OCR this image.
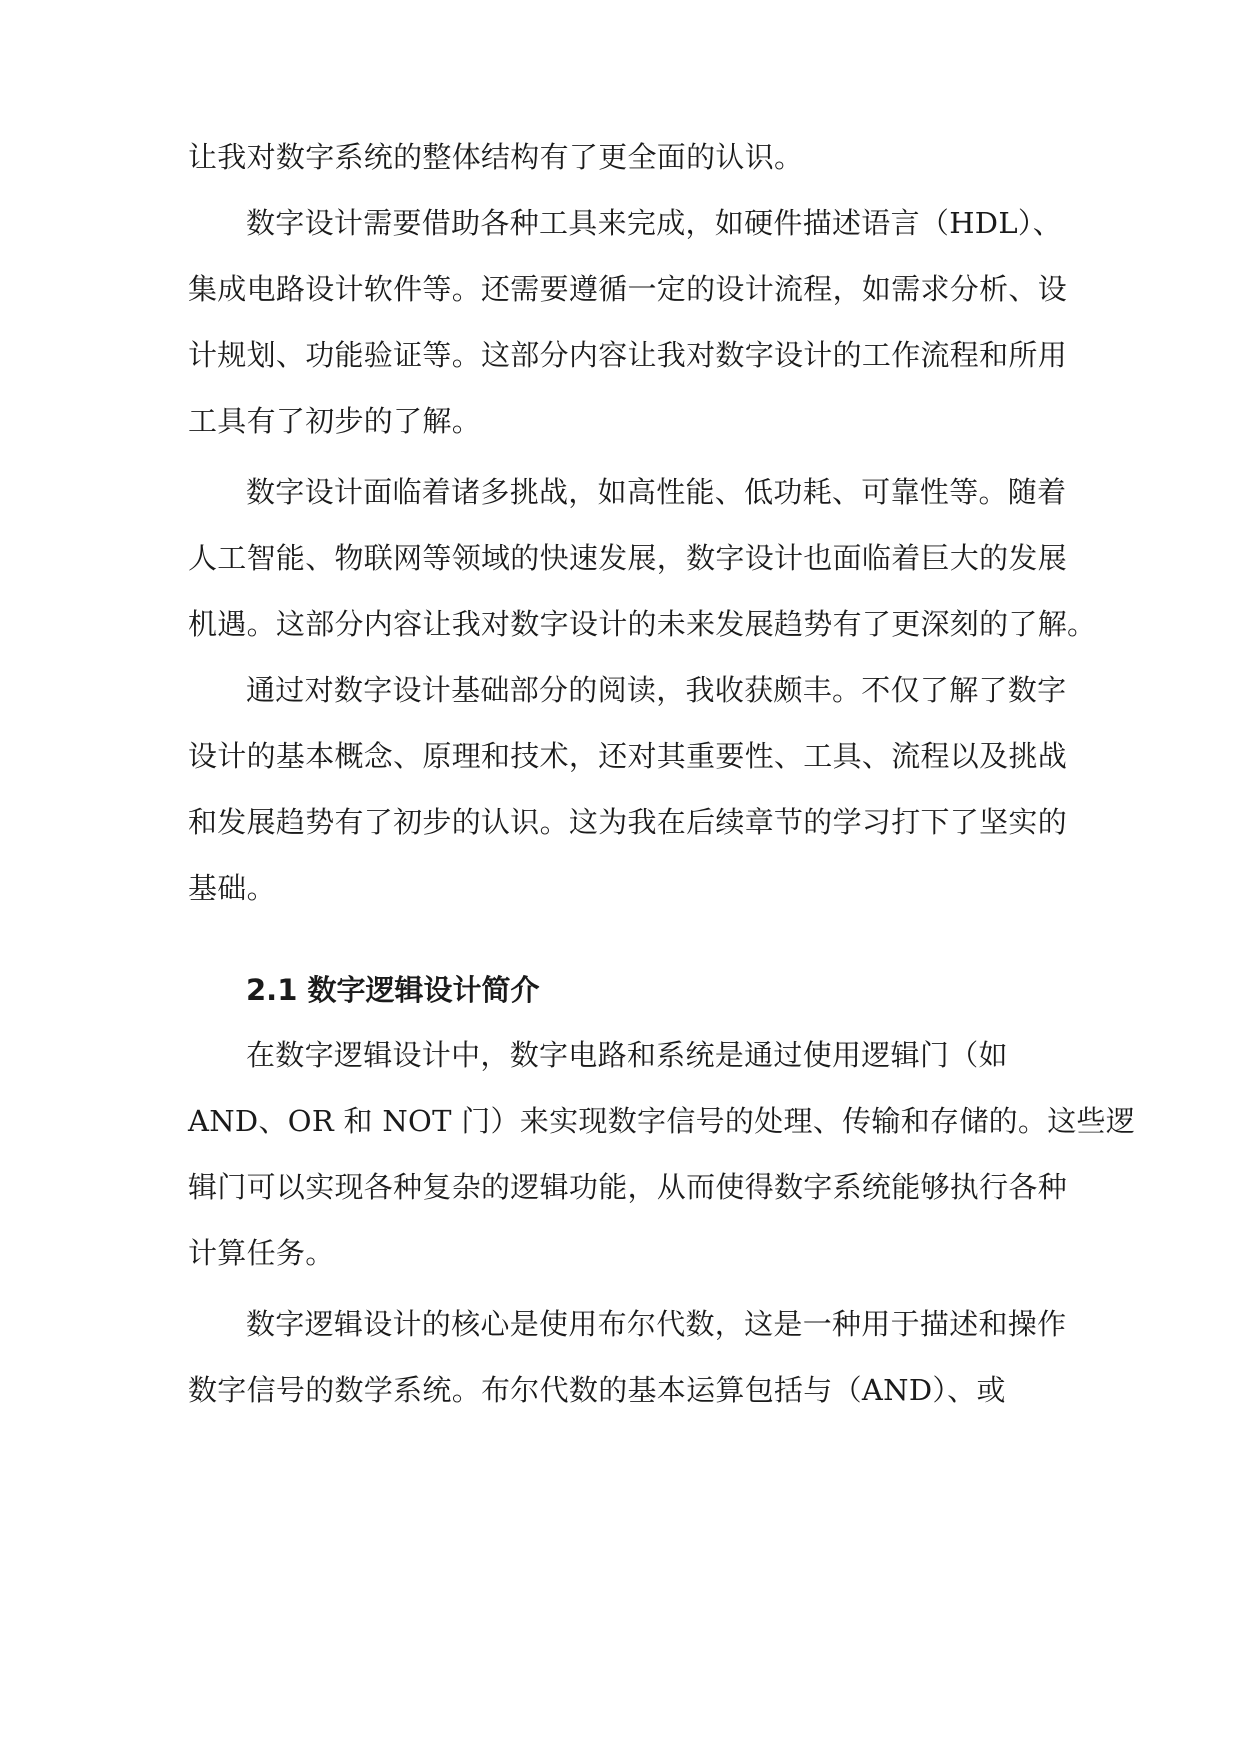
让我对数字系统的整体结构有了更全面的认识。
数字设计需要借助各种工具来完成，如硬件描述语言（HDL）、
集成电路设计软件等。还需要遵循一定的设计流程，如需求分析、设
计规划、功能验证等。这部分内容让我对数字设计的工作流程和所用
工具有了初步的了解。
数字设计面临着诸多挑战，如高性能、低功耗、可靠性等。随着
人工智能、物联网等领域的快速发展，数字设计也面临着巨大的发展
机遇。这部分内容让我对数字设计的未来发展趋势有了更深刻的了解。
通过对数字设计基础部分的阅读，我收获颇丰。不仅了解了数字
设计的基本概念、原理和技术，还对其重要性、工具、流程以及挑战
和发展趋势有了初步的认识。这为我在后续章节的学习打下了坚实的
基础。
2.1 数字逻辑设计简介
在数字逻辑设计中，数字电路和系统是通过使用逻辑门（如
AND、OR 和 NOT 门）来实现数字信号的处理、传输和存储的。这些逻
辑门可以实现各种复杂的逻辑功能，从而使得数字系统能够执行各种
计算任务。
数字逻辑设计的核心是使用布尔代数，这是一种用于描述和操作
数字信号的数学系统。布尔代数的基本运算包括与（AND）、或
